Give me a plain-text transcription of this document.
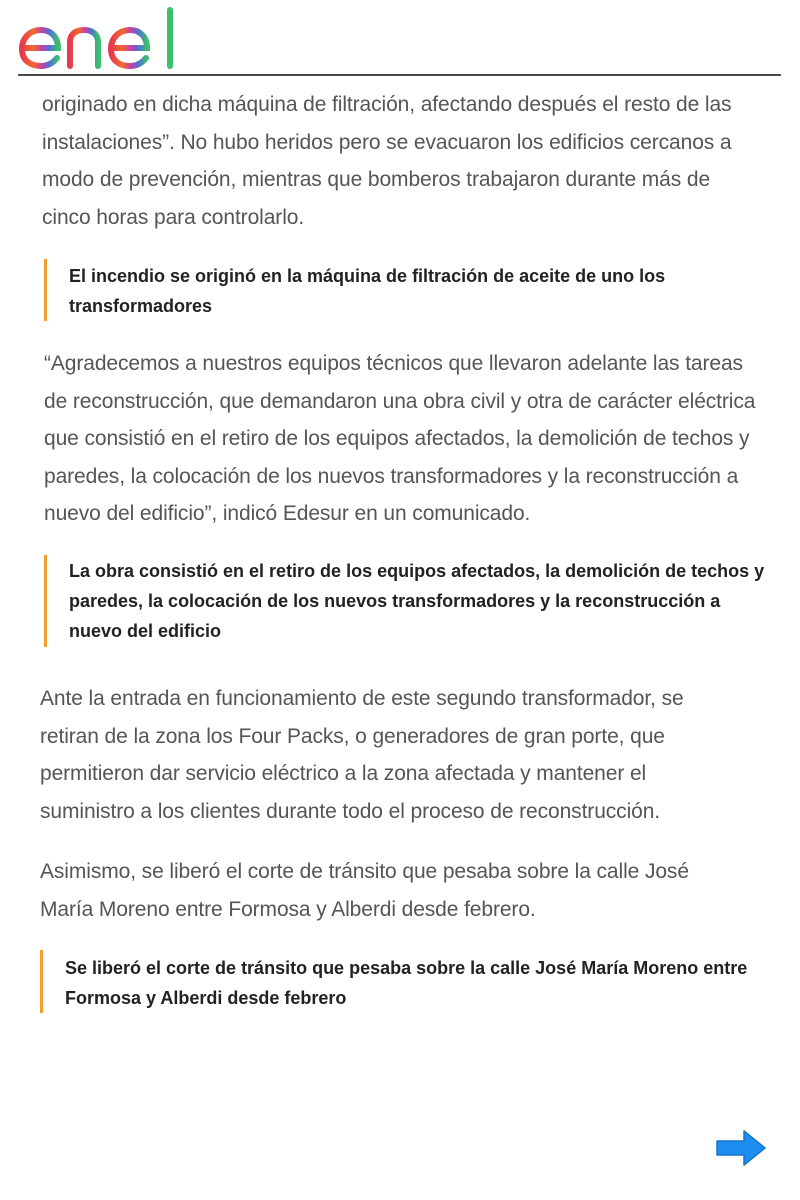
originado en dicha máquina de filtración, afectando después el resto de las instalaciones”. No hubo heridos pero se evacuaron los edificios cercanos a modo de prevención, mientras que bomberos trabajaron durante más de cinco horas para controlarlo.

El incendio se originó en la máquina de filtración de aceite de uno los transformadores

“Agradecemos a nuestros equipos técnicos que llevaron adelante las tareas de reconstrucción, que demandaron una obra civil y otra de carácter eléctrica que consistió en el retiro de los equipos afectados, la demolición de techos y paredes, la colocación de los nuevos transformadores y la reconstrucción a nuevo del edificio”, indicó Edesur en un comunicado.

La obra consistió en el retiro de los equipos afectados, la demolición de techos y paredes, la colocación de los nuevos transformadores y la reconstrucción a nuevo del edificio

Ante la entrada en funcionamiento de este segundo transformador, se retiran de la zona los Four Packs, o generadores de gran porte, que permitieron dar servicio eléctrico a la zona afectada y mantener el suministro a los clientes durante todo el proceso de reconstrucción.

Asimismo, se liberó el corte de tránsito que pesaba sobre la calle José María Moreno entre Formosa y Alberdi desde febrero.

Se liberó el corte de tránsito que pesaba sobre la calle José María Moreno entre Formosa y Alberdi desde febrero
